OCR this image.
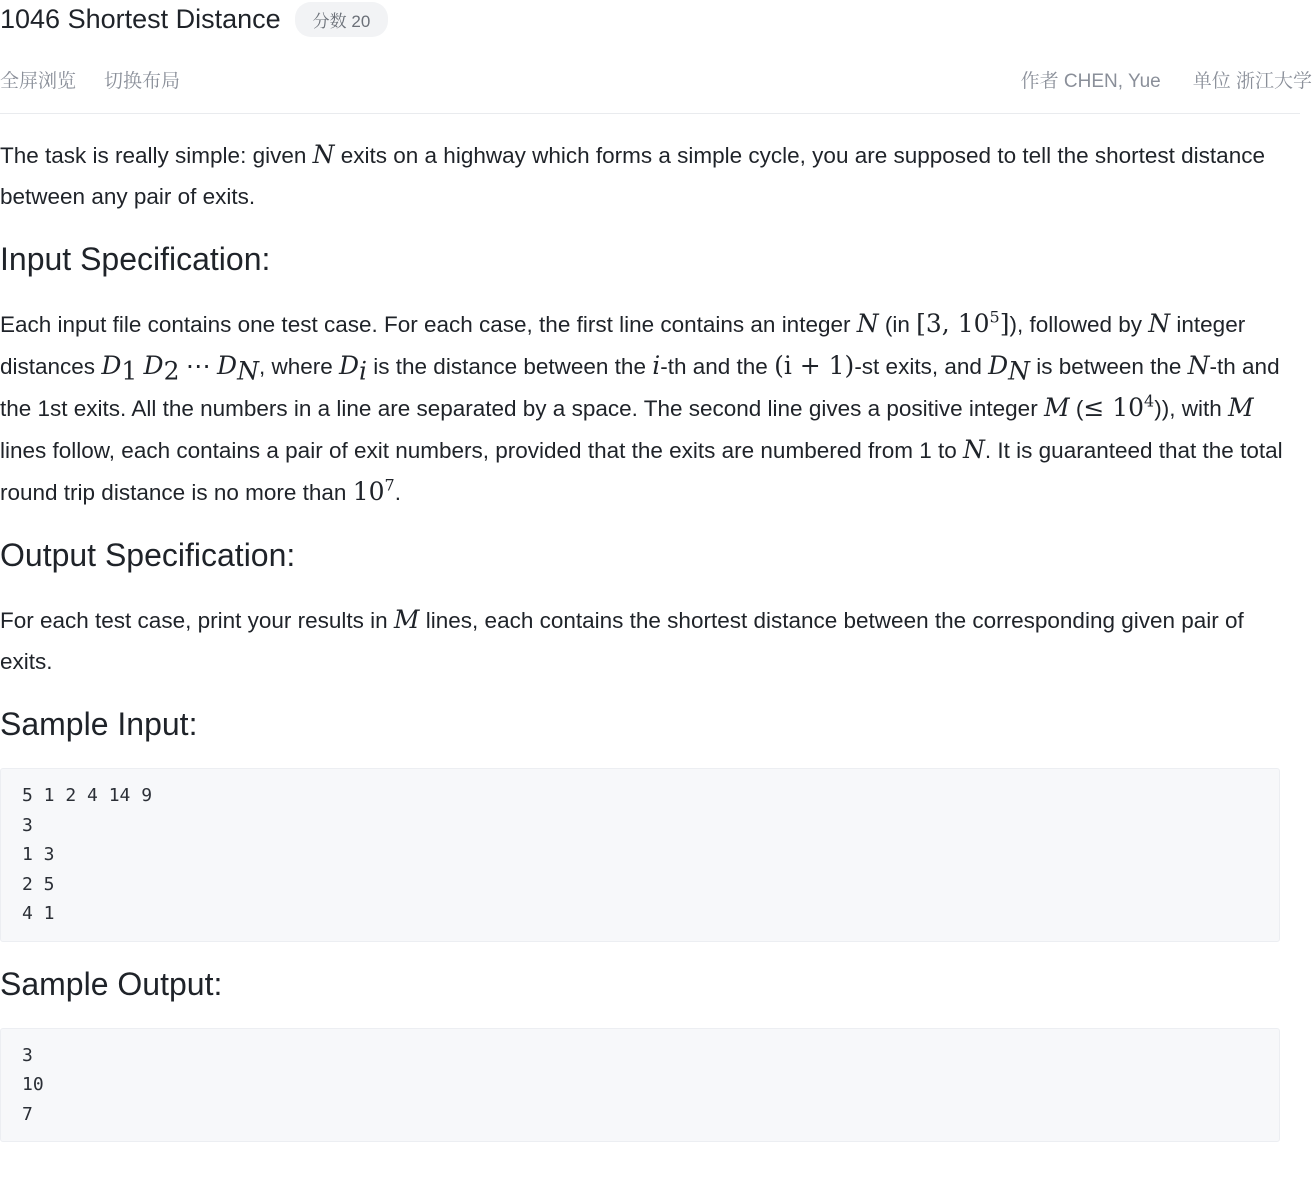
1046 Shortest Distance	分数 20
全屏浏览 切换布局	作者 CHEN, Yue 单位 浙江大学

The task is really simple: given N exits on a highway which forms a simple cycle, you are supposed to tell the shortest distance between any pair of exits.

Input Specification:

Each input file contains one test case. For each case, the first line contains an integer N (in [3, $10^5$]), followed by N integer distances $D_1$ $D_2$ ⋯ $D_N$, where $D_i$ is the distance between the i-th and the (i + 1)-st exits, and $D_N$ is between the N-th and the 1st exits. All the numbers in a line are separated by a space. The second line gives a positive integer M (≤ $10^4$)), with M lines follow, each contains a pair of exit numbers, provided that the exits are numbered from 1 to N. It is guaranteed that the total round trip distance is no more than $10^7$.

Output Specification:

For each test case, print your results in M lines, each contains the shortest distance between the corresponding given pair of exits.

Sample Input:
5 1 2 4 14 9
3
1 3
2 5
4 1
Sample Output:
3
10
7
